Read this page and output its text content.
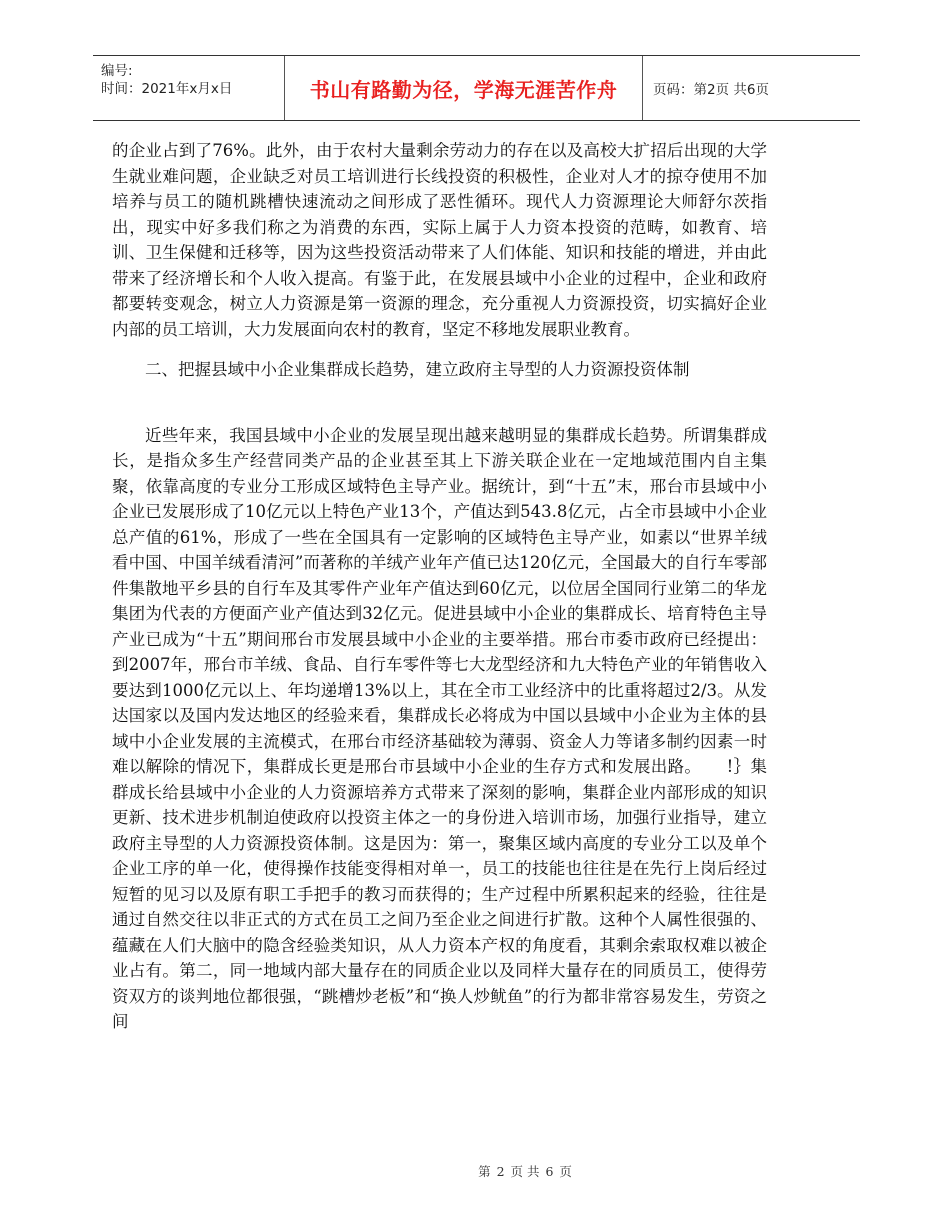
编号:
时间：2021年x月x日	书山有路勤为径，学海无涯苦作舟	页码：第2页 共6页

的企业占到了76%。此外，由于农村大量剩余劳动力的存在以及高校大扩招后出现的大学生就业难问题，企业缺乏对员工培训进行长线投资的积极性，企业对人才的掠夺使用不加培养与员工的随机跳槽快速流动之间形成了恶性循环。现代人力资源理论大师舒尔茨指出，现实中好多我们称之为消费的东西，实际上属于人力资本投资的范畴，如教育、培训、卫生保健和迁移等，因为这些投资活动带来了人们体能、知识和技能的增进，并由此带来了经济增长和个人收入提高。有鉴于此，在发展县域中小企业的过程中，企业和政府都要转变观念，树立人力资源是第一资源的理念，充分重视人力资源投资，切实搞好企业内部的员工培训，大力发展面向农村的教育，坚定不移地发展职业教育。

二、把握县域中小企业集群成长趋势，建立政府主导型的人力资源投资体制

近些年来，我国县域中小企业的发展呈现出越来越明显的集群成长趋势。所谓集群成长，是指众多生产经营同类产品的企业甚至其上下游关联企业在一定地域范围内自主集聚，依靠高度的专业分工形成区域特色主导产业。据统计，到“十五”末，邢台市县域中小企业已发展形成了10亿元以上特色产业13个，产值达到543.8亿元，占全市县域中小企业总产值的61%，形成了一些在全国具有一定影响的区域特色主导产业，如素以“世界羊绒看中国、中国羊绒看清河”而著称的羊绒产业年产值已达120亿元，全国最大的自行车零部件集散地平乡县的自行车及其零件产业年产值达到60亿元，以位居全国同行业第二的华龙集团为代表的方便面产业产值达到32亿元。促进县域中小企业的集群成长、培育特色主导产业已成为“十五”期间邢台市发展县域中小企业的主要举措。邢台市委市政府已经提出：到2007年，邢台市羊绒、食品、自行车零件等七大龙型经济和九大特色产业的年销售收入要达到1000亿元以上、年均递增13%以上，其在全市工业经济中的比重将超过2/3。从发达国家以及国内发达地区的经验来看，集群成长必将成为中国以县域中小企业为主体的县域中小企业发展的主流模式，在邢台市经济基础较为薄弱、资金人力等诸多制约因素一时难以解除的情况下，集群成长更是邢台市县域中小企业的生存方式和发展出路。　　!｝集群成长给县域中小企业的人力资源培养方式带来了深刻的影响，集群企业内部形成的知识更新、技术进步机制迫使政府以投资主体之一的身份进入培训市场，加强行业指导，建立政府主导型的人力资源投资体制。这是因为：第一，聚集区域内高度的专业分工以及单个企业工序的单一化，使得操作技能变得相对单一，员工的技能也往往是在先行上岗后经过短暂的见习以及原有职工手把手的教习而获得的；生产过程中所累积起来的经验，往往是通过自然交往以非正式的方式在员工之间乃至企业之间进行扩散。这种个人属性很强的、蕴藏在人们大脑中的隐含经验类知识，从人力资本产权的角度看，其剩余索取权难以被企业占有。第二，同一地域内部大量存在的同质企业以及同样大量存在的同质员工，使得劳资双方的谈判地位都很强，“跳槽炒老板”和“换人炒鱿鱼”的行为都非常容易发生，劳资之间

第 2 页 共 6 页
